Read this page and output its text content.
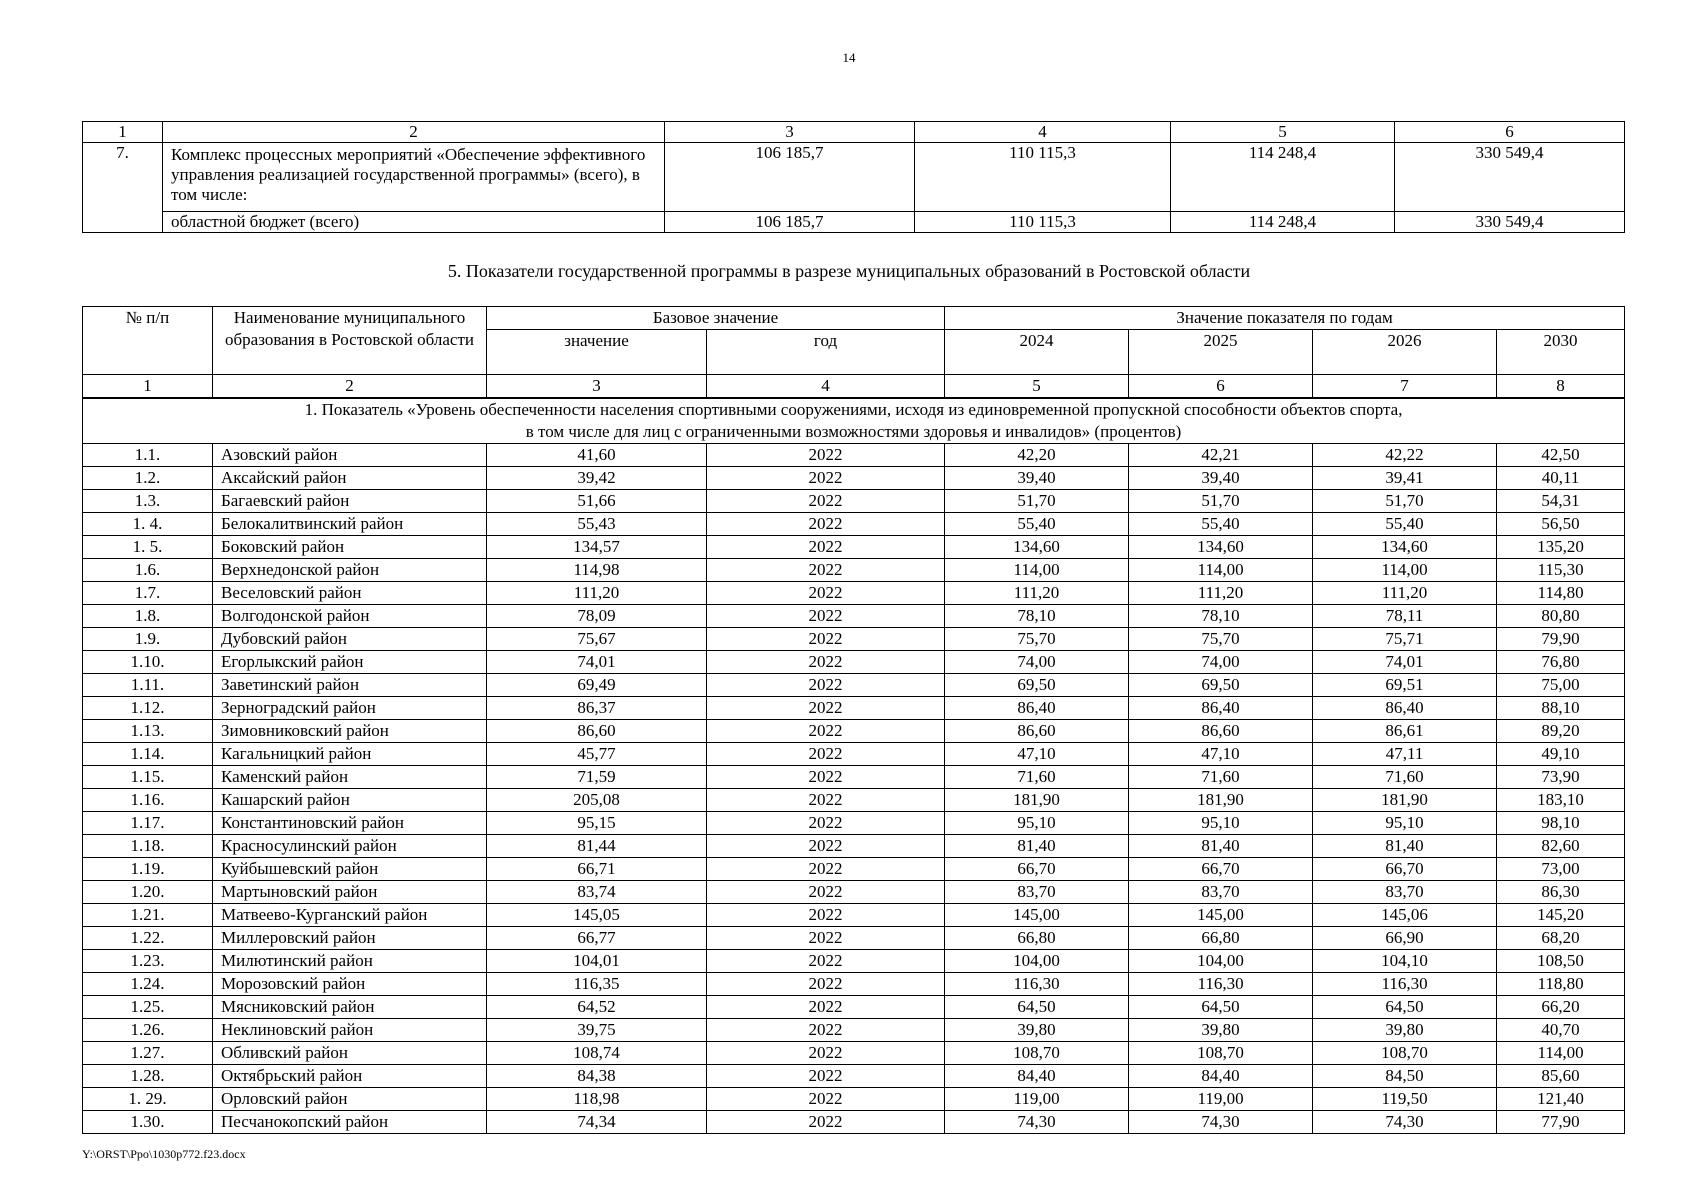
14
1	2	3	4	5	6
7.	Комплекс процессных мероприятий «Обеспечение эффективного управления реализацией государственной программы» (всего), в том числе:	106 185,7	110 115,3	114 248,4	330 549,4
	областной бюджет (всего)	106 185,7	110 115,3	114 248,4	330 549,4
5. Показатели государственной программы в разрезе муниципальных образований в Ростовской области
№ п/п	Наименование муниципального образования в Ростовской области	Базовое значение		Значение показателя по годам			
		значение	год	2024	2025	2026	2030
1	2	3	4	5	6	7	8
1. Показатель «Уровень обеспеченности населения спортивными сооружениями, исходя из единовременной пропускной способности объектов спорта, в том числе для лиц с ограниченными возможностями здоровья и инвалидов» (процентов)							
1.1.	Азовский район	41,60	2022	42,20	42,21	42,22	42,50
1.2.	Аксайский район	39,42	2022	39,40	39,40	39,41	40,11
1.3.	Багаевский район	51,66	2022	51,70	51,70	51,70	54,31
1. 4.	Белокалитвинский район	55,43	2022	55,40	55,40	55,40	56,50
1. 5.	Боковский район	134,57	2022	134,60	134,60	134,60	135,20
1.6.	Верхнедонской район	114,98	2022	114,00	114,00	114,00	115,30
1.7.	Веселовский район	111,20	2022	111,20	111,20	111,20	114,80
1.8.	Волгодонской район	78,09	2022	78,10	78,10	78,11	80,80
1.9.	Дубовский район	75,67	2022	75,70	75,70	75,71	79,90
1.10.	Егорлыкский район	74,01	2022	74,00	74,00	74,01	76,80
1.11.	Заветинский район	69,49	2022	69,50	69,50	69,51	75,00
1.12.	Зерноградский район	86,37	2022	86,40	86,40	86,40	88,10
1.13.	Зимовниковский район	86,60	2022	86,60	86,60	86,61	89,20
1.14.	Кагальницкий район	45,77	2022	47,10	47,10	47,11	49,10
1.15.	Каменский район	71,59	2022	71,60	71,60	71,60	73,90
1.16.	Кашарский район	205,08	2022	181,90	181,90	181,90	183,10
1.17.	Константиновский район	95,15	2022	95,10	95,10	95,10	98,10
1.18.	Красносулинский район	81,44	2022	81,40	81,40	81,40	82,60
1.19.	Куйбышевский район	66,71	2022	66,70	66,70	66,70	73,00
1.20.	Мартыновский район	83,74	2022	83,70	83,70	83,70	86,30
1.21.	Матвеево-Курганский район	145,05	2022	145,00	145,00	145,06	145,20
1.22.	Миллеровский район	66,77	2022	66,80	66,80	66,90	68,20
1.23.	Милютинский район	104,01	2022	104,00	104,00	104,10	108,50
1.24.	Морозовский район	116,35	2022	116,30	116,30	116,30	118,80
1.25.	Мясниковский район	64,52	2022	64,50	64,50	64,50	66,20
1.26.	Неклиновский район	39,75	2022	39,80	39,80	39,80	40,70
1.27.	Обливский район	108,74	2022	108,70	108,70	108,70	114,00
1.28.	Октябрьский район	84,38	2022	84,40	84,40	84,50	85,60
1. 29.	Орловский район	118,98	2022	119,00	119,00	119,50	121,40
1.30.	Песчанокопский район	74,34	2022	74,30	74,30	74,30	77,90
Y:\ORST\Ppo\1030p772.f23.docx
